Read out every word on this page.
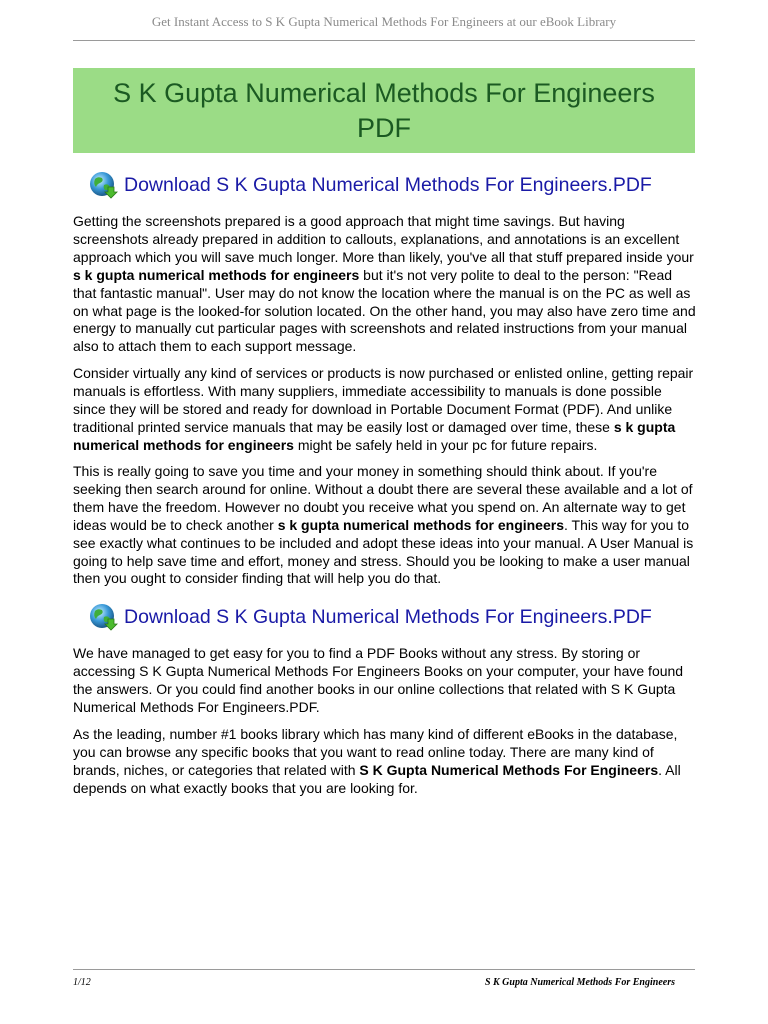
Get Instant Access to S K Gupta Numerical Methods For Engineers at our eBook Library
S K Gupta Numerical Methods For Engineers PDF
Download S K Gupta Numerical Methods For Engineers.PDF

Getting the screenshots prepared is a good approach that might time savings. But having screenshots already prepared in addition to callouts, explanations, and annotations is an excellent approach which you will save much longer. More than likely, you've all that stuff prepared inside your s k gupta numerical methods for engineers but it's not very polite to deal to the person: "Read that fantastic manual". User may do not know the location where the manual is on the PC as well as on what page is the looked-for solution located. On the other hand, you may also have zero time and energy to manually cut particular pages with screenshots and related instructions from your manual also to attach them to each support message.

Consider virtually any kind of services or products is now purchased or enlisted online, getting repair manuals is effortless. With many suppliers, immediate accessibility to manuals is done possible since they will be stored and ready for download in Portable Document Format (PDF). And unlike traditional printed service manuals that may be easily lost or damaged over time, these s k gupta numerical methods for engineers might be safely held in your pc for future repairs.

This is really going to save you time and your money in something should think about. If you're seeking then search around for online. Without a doubt there are several these available and a lot of them have the freedom. However no doubt you receive what you spend on. An alternate way to get ideas would be to check another s k gupta numerical methods for engineers. This way for you to see exactly what continues to be included and adopt these ideas into your manual. A User Manual is going to help save time and effort, money and stress. Should you be looking to make a user manual then you ought to consider finding that will help you do that.

Download S K Gupta Numerical Methods For Engineers.PDF

We have managed to get easy for you to find a PDF Books without any stress. By storing or accessing S K Gupta Numerical Methods For Engineers Books on your computer, your have found the answers. Or you could find another books in our online collections that related with S K Gupta Numerical Methods For Engineers.PDF.

As the leading, number #1 books library which has many kind of different eBooks in the database, you can browse any specific books that you want to read online today. There are many kind of brands, niches, or categories that related with S K Gupta Numerical Methods For Engineers. All depends on what exactly books that you are looking for.

1/12	S K Gupta Numerical Methods For Engineers
